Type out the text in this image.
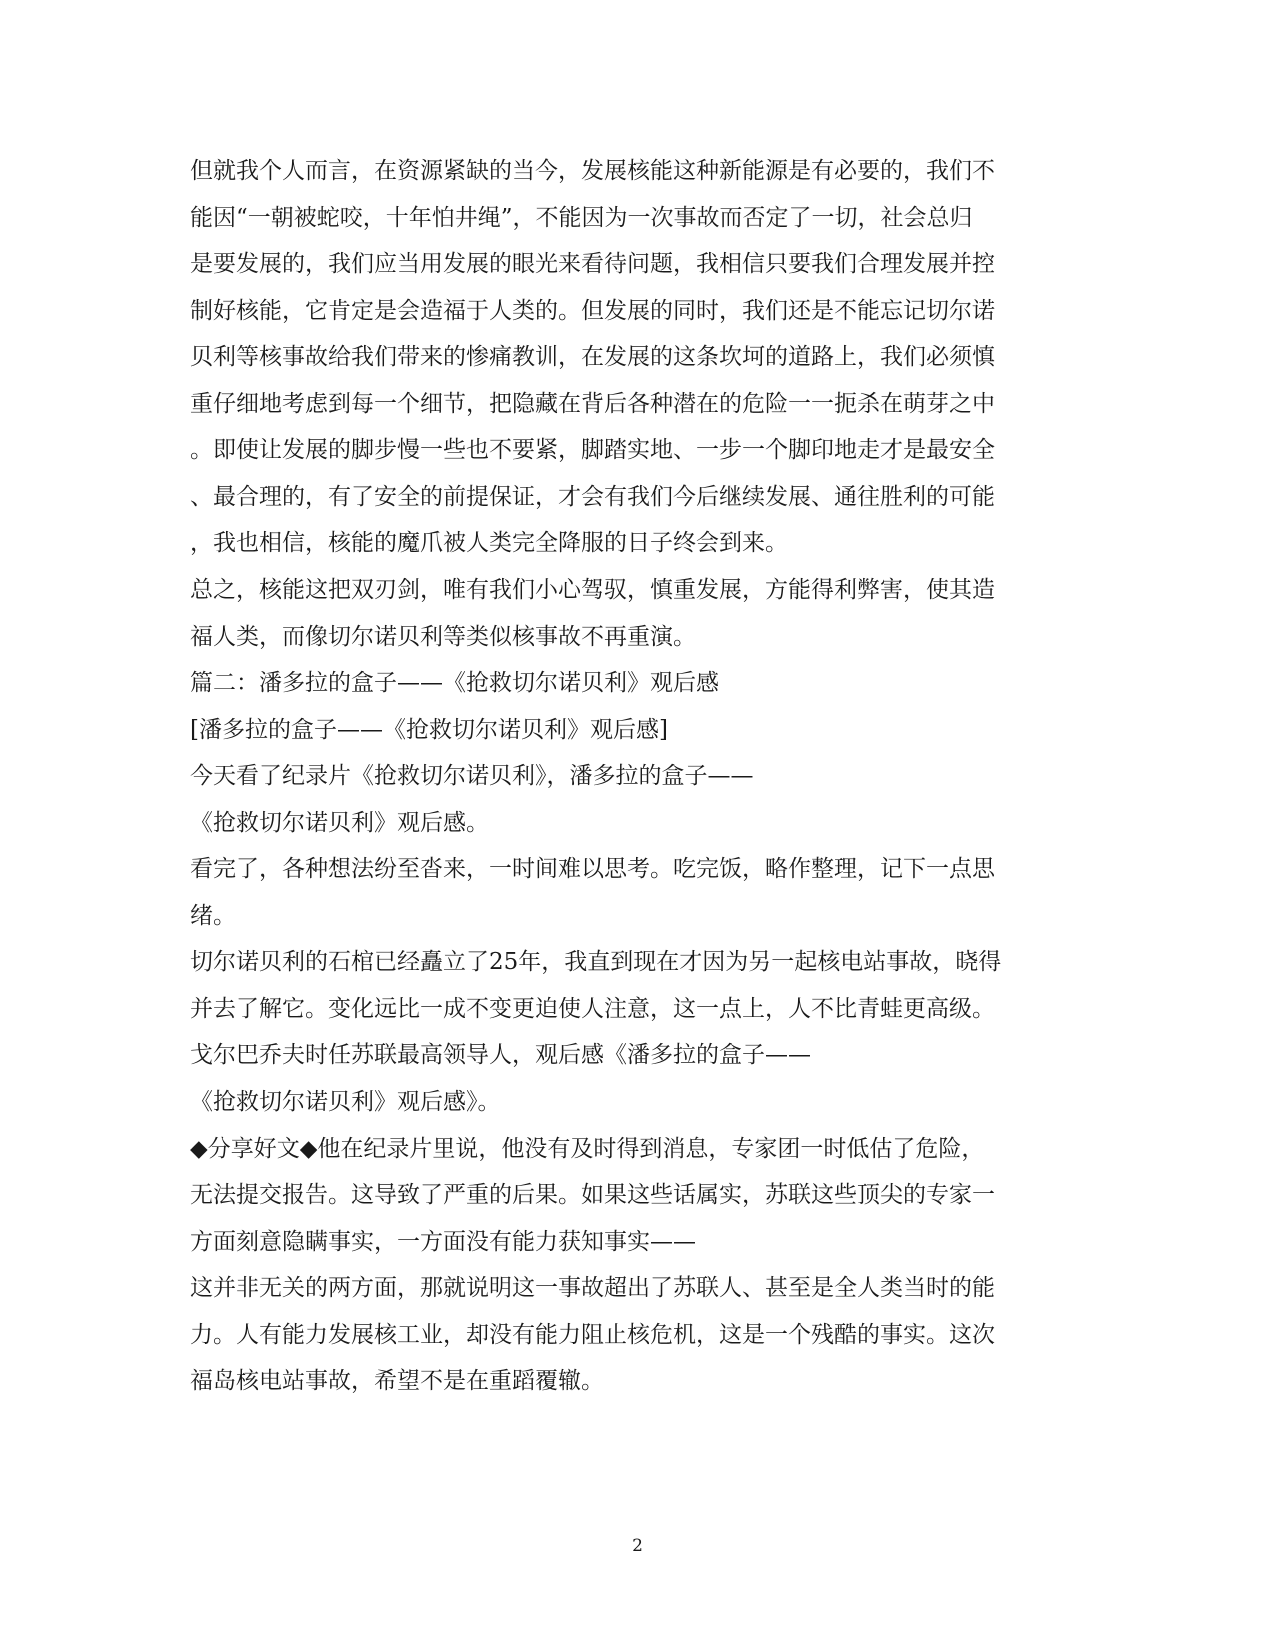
但就我个人而言，在资源紧缺的当今，发展核能这种新能源是有必要的，我们不
能因“一朝被蛇咬，十年怕井绳”，不能因为一次事故而否定了一切，社会总归
是要发展的，我们应当用发展的眼光来看待问题，我相信只要我们合理发展并控
制好核能，它肯定是会造福于人类的。但发展的同时，我们还是不能忘记切尔诺
贝利等核事故给我们带来的惨痛教训，在发展的这条坎坷的道路上，我们必须慎
重仔细地考虑到每一个细节，把隐藏在背后各种潜在的危险一一扼杀在萌芽之中
。即使让发展的脚步慢一些也不要紧，脚踏实地、一步一个脚印地走才是最安全
、最合理的，有了安全的前提保证，才会有我们今后继续发展、通往胜利的可能
，我也相信，核能的魔爪被人类完全降服的日子终会到来。
总之，核能这把双刃剑，唯有我们小心驾驭，慎重发展，方能得利弊害，使其造
福人类，而像切尔诺贝利等类似核事故不再重演。
篇二：潘多拉的盒子——《抢救切尔诺贝利》观后感
[潘多拉的盒子——《抢救切尔诺贝利》观后感]
今天看了纪录片《抢救切尔诺贝利》，潘多拉的盒子——
《抢救切尔诺贝利》观后感。
看完了，各种想法纷至沓来，一时间难以思考。吃完饭，略作整理，记下一点思
绪。
切尔诺贝利的石棺已经矗立了25年，我直到现在才因为另一起核电站事故，晓得
并去了解它。变化远比一成不变更迫使人注意，这一点上，人不比青蛙更高级。
戈尔巴乔夫时任苏联最高领导人，观后感《潘多拉的盒子——
《抢救切尔诺贝利》观后感》。
◆分享好文◆他在纪录片里说，他没有及时得到消息，专家团一时低估了危险，
无法提交报告。这导致了严重的后果。如果这些话属实，苏联这些顶尖的专家一
方面刻意隐瞒事实，一方面没有能力获知事实——
这并非无关的两方面，那就说明这一事故超出了苏联人、甚至是全人类当时的能
力。人有能力发展核工业，却没有能力阻止核危机，这是一个残酷的事实。这次
福岛核电站事故，希望不是在重蹈覆辙。
2
